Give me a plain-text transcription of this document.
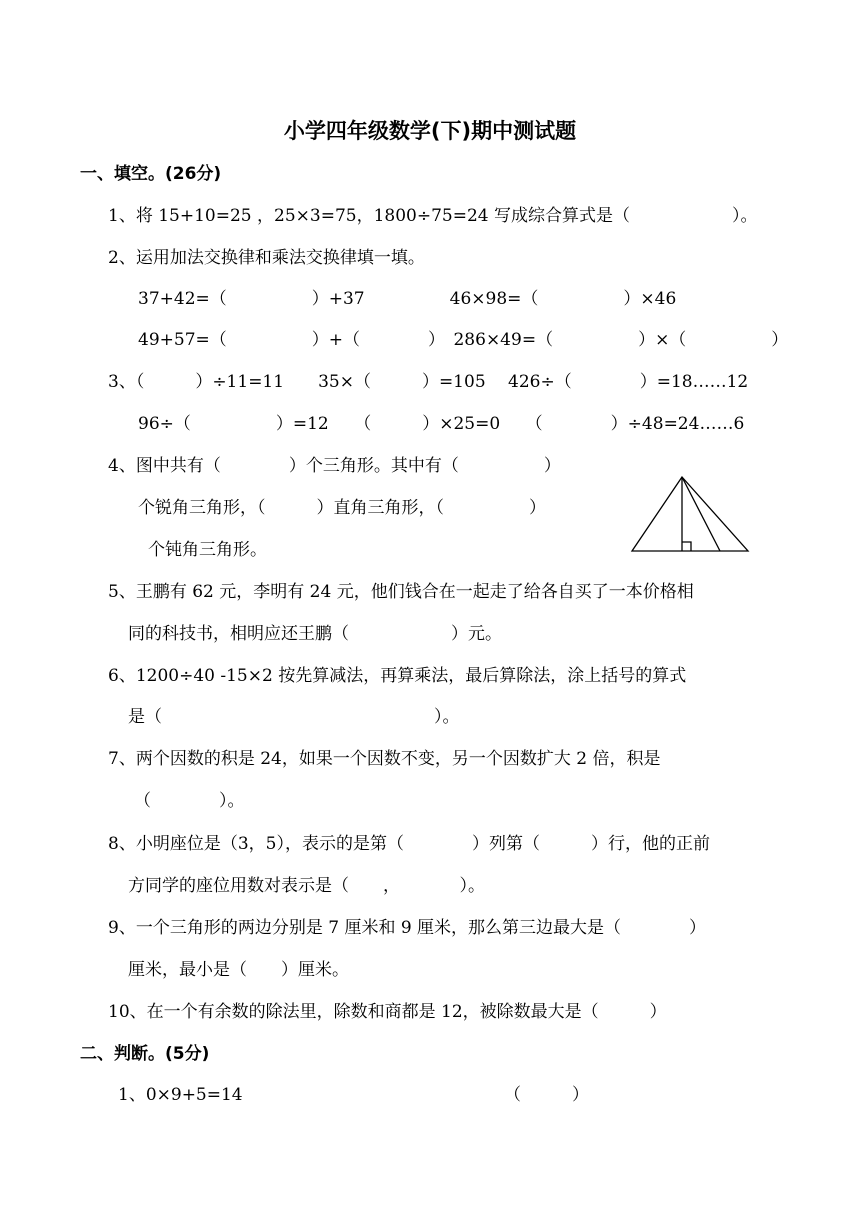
小学四年级数学(下)期中测试题
一、填空。(26分)
1、将 15+10=25 ，25×3=75，1800÷75=24 写成综合算式是（　　　　　　）。
2、运用加法交换律和乘法交换律填一填。
37+42=（　　　　　）+37　　　　　46×98=（　　　　　）×46
49+57=（　　　　　）+（　　　　）　286×49=（　　　　　）×（　　　　　）
3、（　　　）÷11=11　　35×（　　　）=105　 426÷（　　　　）=18……12
96÷（　　　　　）=12　　（　　　）×25=0　　（　　　　）÷48=24……6
4、图中共有（　　　　）个三角形。其中有（　　　　　）
个锐角三角形，（　　　）直角三角形，（　　　　　）
个钝角三角形。
5、王鹏有 62 元，李明有 24 元，他们钱合在一起走了给各自买了一本价格相
同的科技书，相明应还王鹏（　　　　　　）元。
6、1200÷40 -15×2 按先算减法，再算乘法，最后算除法，涂上括号的算式
是（　　　　　　　　　　　　　　　　）。
7、两个因数的积是 24，如果一个因数不变，另一个因数扩大 2 倍，积是
（　　　　）。
8、小明座位是（3，5），表示的是第（　　　　）列第（　　　）行，他的正前
方同学的座位用数对表示是（　　，　　　　）。
9、一个三角形的两边分别是 7 厘米和 9 厘米，那么第三边最大是（　　　　）
厘米，最小是（　　）厘米。
10、在一个有余数的除法里，除数和商都是 12，被除数最大是（　　　）
二、判断。(5分)
1、0×9+5=14	（　　　）
